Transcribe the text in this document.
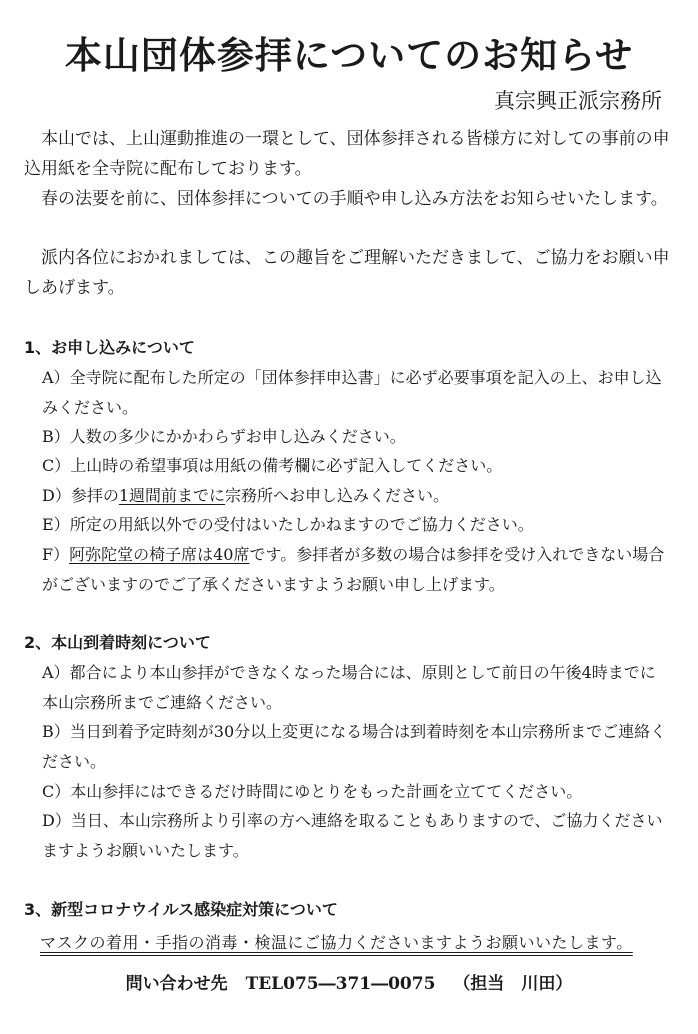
本山団体参拝についてのお知らせ
真宗興正派宗務所

本山では、上山運動推進の一環として、団体参拝される皆様方に対しての事前の申込用紙を全寺院に配布しております。

春の法要を前に、団体参拝についての手順や申し込み方法をお知らせいたします。

派内各位におかれましては、この趣旨をご理解いただきまして、ご協力をお願い申しあげます。

1、お申し込みについて
A）全寺院に配布した所定の「団体参拝申込書」に必ず必要事項を記入の上、お申し込みください。
B）人数の多少にかかわらずお申し込みください。
C）上山時の希望事項は用紙の備考欄に必ず記入してください。
D）参拝の1週間前までに宗務所へお申し込みください。
E）所定の用紙以外での受付はいたしかねますのでご協力ください。
F）阿弥陀堂の椅子席は40席です。参拝者が多数の場合は参拝を受け入れできない場合がございますのでご了承くださいますようお願い申し上げます。
2、本山到着時刻について
A）都合により本山参拝ができなくなった場合には、原則として前日の午後4時までに本山宗務所までご連絡ください。
B）当日到着予定時刻が30分以上変更になる場合は到着時刻を本山宗務所までご連絡ください。
C）本山参拝にはできるだけ時間にゆとりをもった計画を立ててください。
D）当日、本山宗務所より引率の方へ連絡を取ることもありますので、ご協力くださいますようお願いいたします。
3、新型コロナウイルス感染症対策について
マスクの着用・手指の消毒・検温にご協力くださいますようお願いいたします。
問い合わせ先 TEL075―371―0075 （担当　川田）
